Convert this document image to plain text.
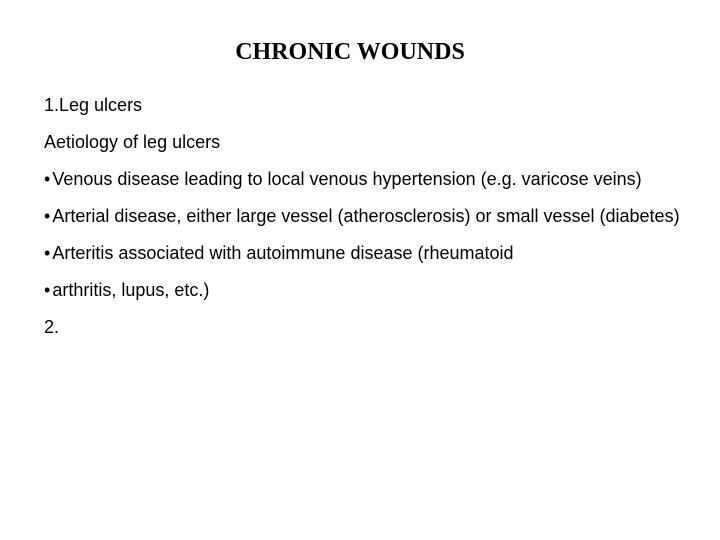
CHRONIC WOUNDS

1.Leg ulcers

Aetiology of leg ulcers

• Venous disease leading to local venous hypertension (e.g. varicose veins)

• Arterial disease, either large vessel (atherosclerosis) or small vessel (diabetes)

• Arteritis associated with autoimmune disease (rheumatoid

• arthritis, lupus, etc.)

2.
